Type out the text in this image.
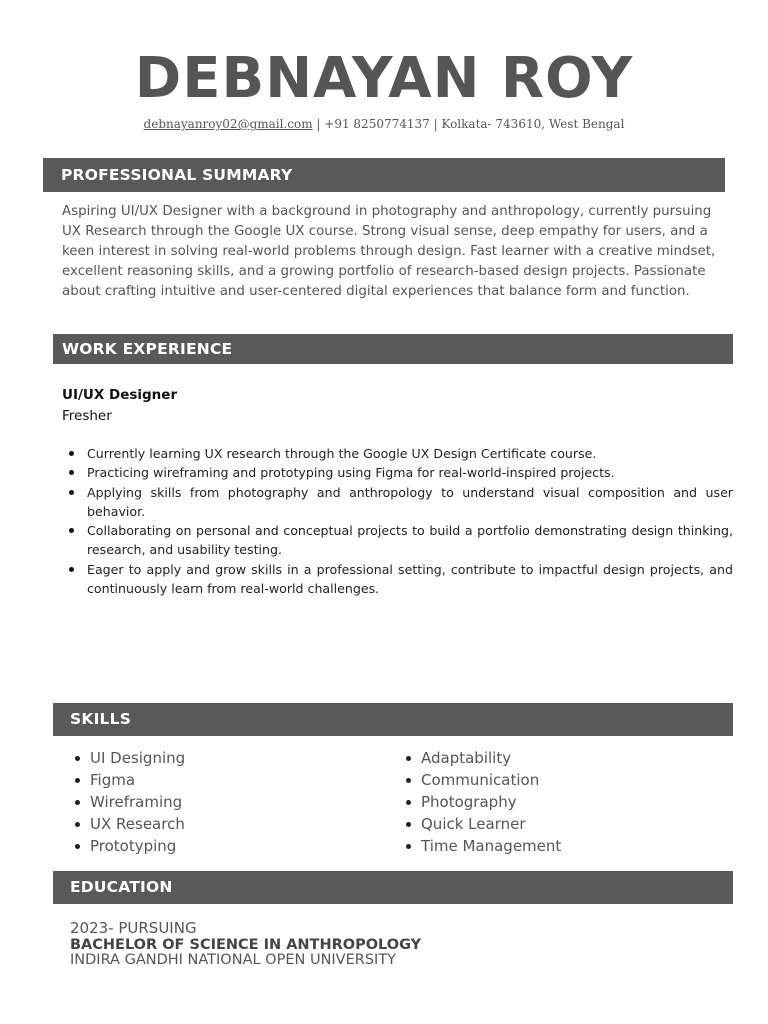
DEBNAYAN ROY
debnayanroy02@gmail.com | +91 8250774137 | Kolkata- 743610, West Bengal
PROFESSIONAL SUMMARY
Aspiring UI/UX Designer with a background in photography and anthropology, currently pursuing UX Research through the Google UX course. Strong visual sense, deep empathy for users, and a keen interest in solving real-world problems through design. Fast learner with a creative mindset, excellent reasoning skills, and a growing portfolio of research-based design projects. Passionate about crafting intuitive and user-centered digital experiences that balance form and function.
WORK EXPERIENCE
UI/UX Designer
Fresher
Currently learning UX research through the Google UX Design Certificate course.
Practicing wireframing and prototyping using Figma for real-world-inspired projects.
Applying skills from photography and anthropology to understand visual composition and user behavior.
Collaborating on personal and conceptual projects to build a portfolio demonstrating design thinking, research, and usability testing.
Eager to apply and grow skills in a professional setting, contribute to impactful design projects, and continuously learn from real-world challenges.
SKILLS
UI Designing
Figma
Wireframing
UX Research
Prototyping
Adaptability
Communication
Photography
Quick Learner
Time Management
EDUCATION
2023- PURSUING
BACHELOR OF SCIENCE IN ANTHROPOLOGY
INDIRA GANDHI NATIONAL OPEN UNIVERSITY
